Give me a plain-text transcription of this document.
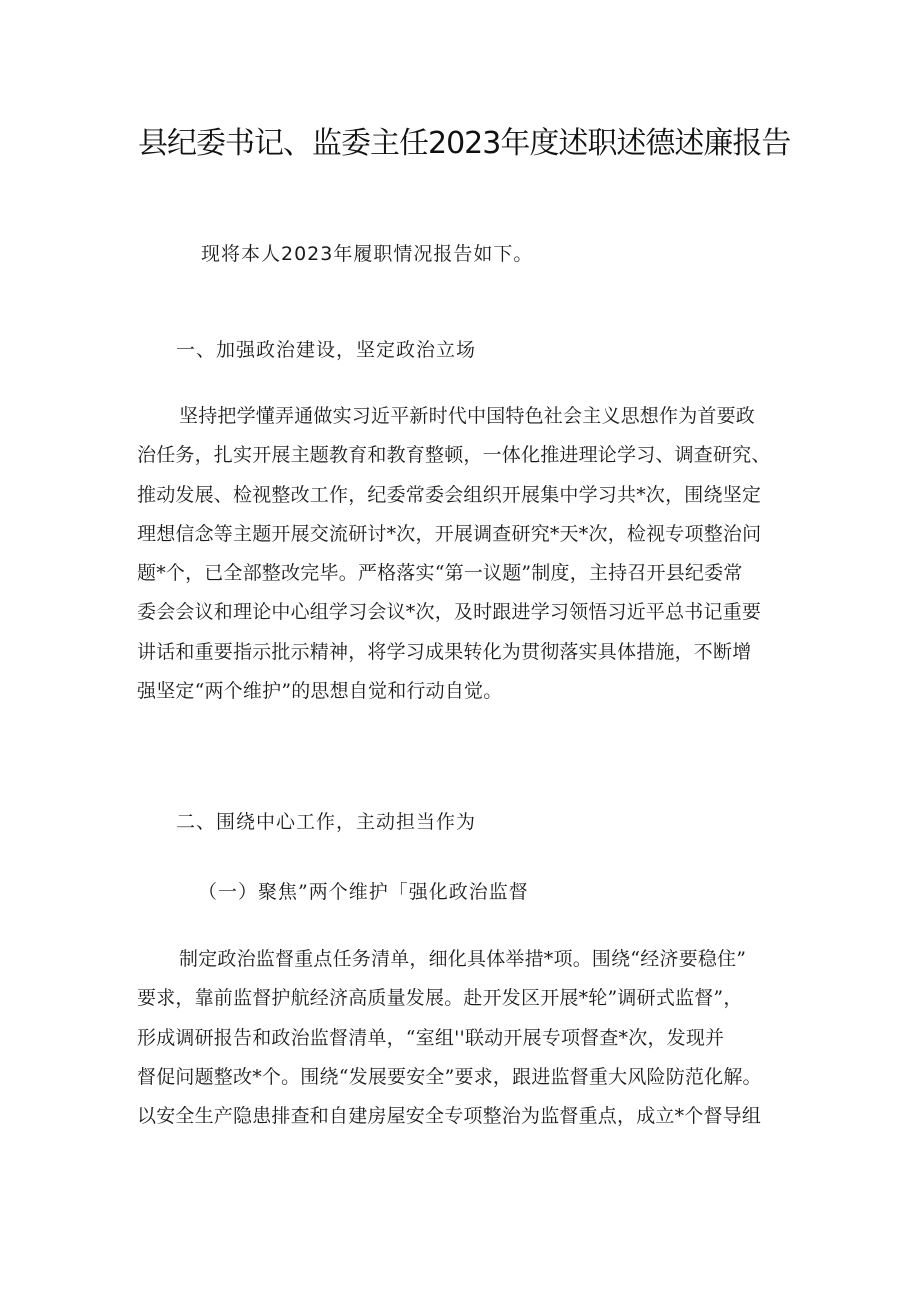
县纪委书记、监委主任2023年度述职述德述廉报告
现将本人2023年履职情况报告如下。
一、加强政治建设，坚定政治立场
坚持把学懂弄通做实习近平新时代中国特色社会主义思想作为首要政
治任务，扎实开展主题教育和教育整顿，一体化推进理论学习、调查研究、
推动发展、检视整改工作，纪委常委会组织开展集中学习共*次，围绕坚定
理想信念等主题开展交流研讨*次，开展调查研究*天*次，检视专项整治问
题*个，已全部整改完毕。严格落实“第一议题”制度，主持召开县纪委常
委会会议和理论中心组学习会议*次，及时跟进学习领悟习近平总书记重要
讲话和重要指示批示精神，将学习成果转化为贯彻落实具体措施，不断增
强坚定“两个维护”的思想自觉和行动自觉。
二、围绕中心工作，主动担当作为
（一）聚焦”两个维护「强化政治监督
制定政治监督重点任务清单，细化具体举措*项。围绕“经济要稳住”
要求，靠前监督护航经济高质量发展。赴开发区开展*轮”调研式监督”，
形成调研报告和政治监督清单，“室组''联动开展专项督查*次，发现并
督促问题整改*个。围绕“发展要安全”要求，跟进监督重大风险防范化解。
以安全生产隐患排查和自建房屋安全专项整治为监督重点，成立*个督导组
